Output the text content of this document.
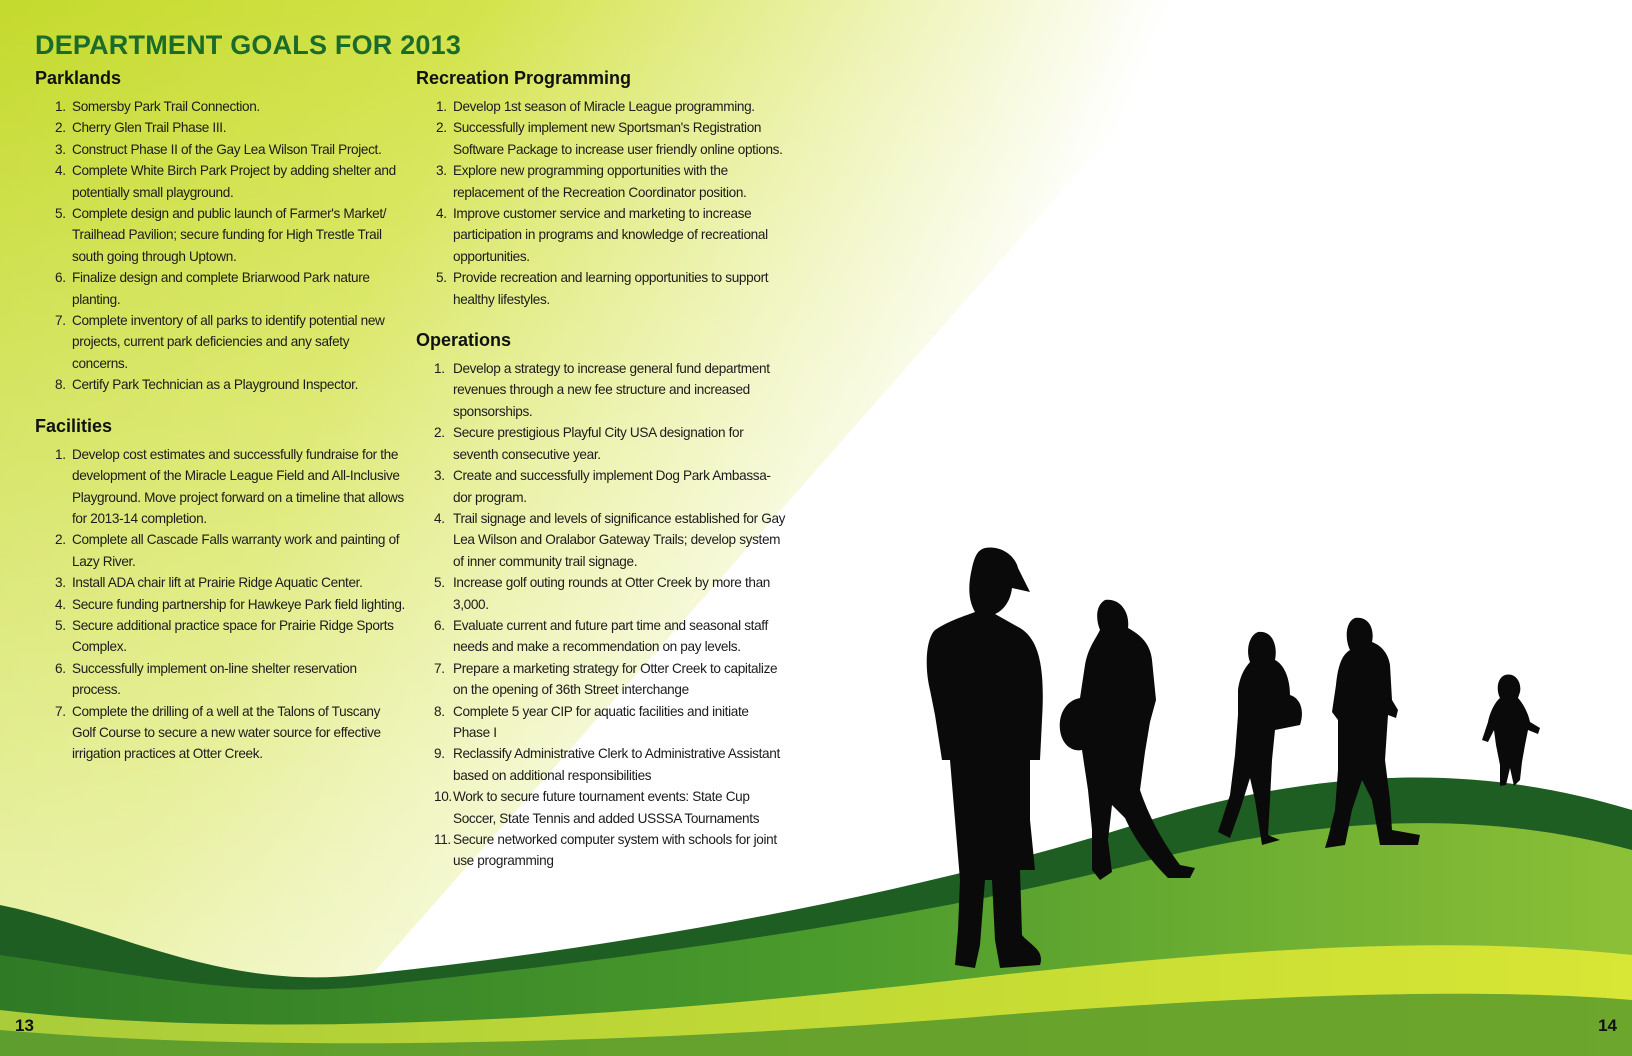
DEPARTMENT GOALS FOR 2013
Parklands
1. Somersby Park Trail Connection.
2. Cherry Glen Trail Phase III.
3. Construct Phase II of the Gay Lea Wilson Trail Project.
4. Complete White Birch Park Project by adding shelter and potentially small playground.
5. Complete design and public launch of Farmer's Market/ Trailhead Pavilion; secure funding for High Trestle Trail south going through Uptown.
6. Finalize design and complete Briarwood Park nature planting.
7. Complete inventory of all parks to identify potential new projects, current park deficiencies and any safety concerns.
8. Certify Park Technician as a Playground Inspector.
Facilities
1. Develop cost estimates and successfully fundraise for the development of the Miracle League Field and All-Inclusive Playground. Move project forward on a timeline that allows for 2013-14 completion.
2. Complete all Cascade Falls warranty work and painting of Lazy River.
3. Install ADA chair lift at Prairie Ridge Aquatic Center.
4. Secure funding partnership for Hawkeye Park field lighting.
5. Secure additional practice space for Prairie Ridge Sports Complex.
6. Successfully implement on-line shelter reservation process.
7. Complete the drilling of a well at the Talons of Tuscany Golf Course to secure a new water source for effective irrigation practices at Otter Creek.
Recreation Programming
1. Develop 1st season of Miracle League programming.
2. Successfully implement new Sportsman's Registration Software Package to increase user friendly online options.
3. Explore new programming opportunities with the replacement of the Recreation Coordinator position.
4. Improve customer service and marketing to increase participation in programs and knowledge of recreational opportunities.
5. Provide recreation and learning opportunities to support healthy lifestyles.
Operations
1. Develop a strategy to increase general fund department revenues through a new fee structure and increased sponsorships.
2. Secure prestigious Playful City USA designation for seventh consecutive year.
3. Create and successfully implement Dog Park Ambassa-dor program.
4. Trail signage and levels of significance established for Gay Lea Wilson and Oralabor Gateway Trails; develop system of inner community trail signage.
5. Increase golf outing rounds at Otter Creek by more than 3,000.
6. Evaluate current and future part time and seasonal staff needs and make a recommendation on pay levels.
7. Prepare a marketing strategy for Otter Creek to capitalize on the opening of 36th Street interchange
8. Complete 5 year CIP for aquatic facilities and initiate Phase I
9. Reclassify Administrative Clerk to Administrative Assistant based on additional responsibilities
10. Work to secure future tournament events: State Cup Soccer, State Tennis and added USSSA Tournaments
11. Secure networked computer system with schools for joint use programming
13	14
